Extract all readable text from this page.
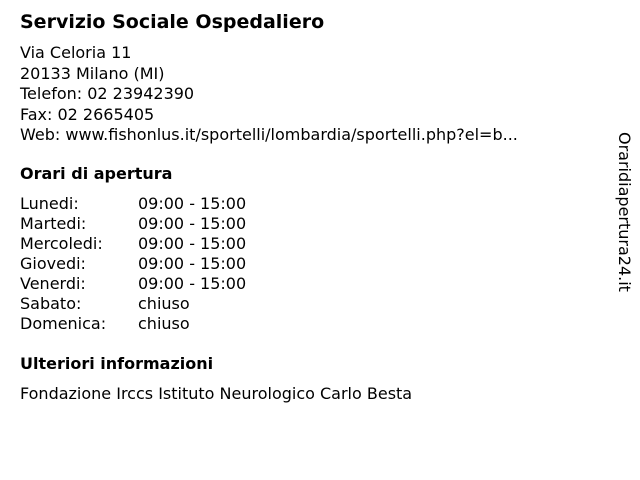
Servizio Sociale Ospedaliero
Via Celoria 11
20133 Milano (MI)
Telefon: 02 23942390
Fax: 02 2665405
Web: www.fishonlus.it/sportelli/lombardia/sportelli.php?el=b...
Orari di apertura
Lunedi:	09:00 - 15:00
Martedi:	09:00 - 15:00
Mercoledi: 09:00 - 15:00
Giovedi:	09:00 - 15:00
Venerdi:	09:00 - 15:00
Sabato:	chiuso
Domenica: chiuso
Ulteriori informazioni
Fondazione Irccs Istituto Neurologico Carlo Besta
Oraridiapertura24.it
